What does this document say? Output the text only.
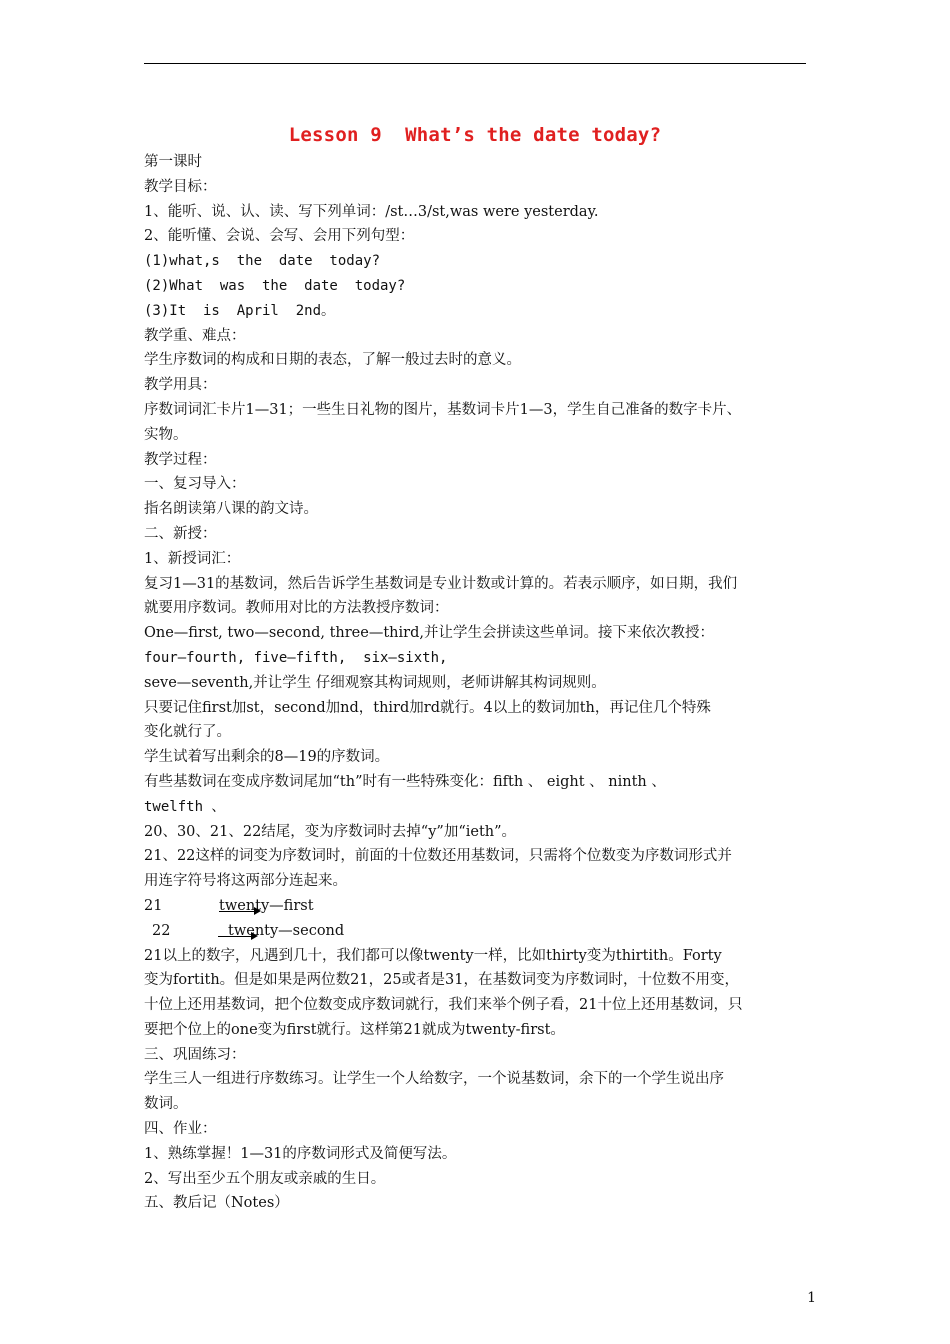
Lesson 9  What’s the date today?
第一课时
教学目标：
1、能听、说、认、读、写下列单词：/st…3/st,was were yesterday.
2、能听懂、会说、会写、会用下列句型：
(1)what,s  the  date  today?
(2)What  was  the  date  today?
(3)It  is  April  2nd。
教学重、难点：
学生序数词的构成和日期的表态，了解一般过去时的意义。
教学用具：
序数词词汇卡片1—31；一些生日礼物的图片，基数词卡片1—3，学生自己准备的数字卡片、
实物。
教学过程：
一、复习导入：
指名朗读第八课的韵文诗。
二、新授：
1、新授词汇：
复习1—31的基数词，然后告诉学生基数词是专业计数或计算的。若表示顺序，如日期，我们
就要用序数词。教师用对比的方法教授序数词：
One—first, two—second, three—third,并让学生会拼读这些单词。接下来依次教授：
four—fourth, five—fifth,  six—sixth,
seve—seventh,并让学生 仔细观察其构词规则，老师讲解其构词规则。
只要记住first加st，second加nd，third加rd就行。4以上的数词加th，再记住几个特殊
变化就行了。
学生试着写出剩余的8—19的序数词。
有些基数词在变成序数词尾加“th”时有一些特殊变化：fifth 、 eight 、 ninth 、
twelfth 、
20、30、21、22结尾，变为序数词时去掉“y”加“ieth”。
21、22这样的词变为序数词时，前面的十位数还用基数词，只需将个位数变为序数词形式并
用连字符号将这两部分连起来。
21	twenty—first
22	twenty—second
21以上的数字，凡遇到几十，我们都可以像twenty一样，比如thirty变为thirtith。Forty
变为fortith。但是如果是两位数21，25或者是31，在基数词变为序数词时，十位数不用变，
十位上还用基数词，把个位数变成序数词就行，我们来举个例子看，21十位上还用基数词，只
要把个位上的one变为first就行。这样第21就成为twenty-first。
三、巩固练习：
学生三人一组进行序数练习。让学生一个人给数字，一个说基数词，余下的一个学生说出序
数词。
四、作业：
1、熟练掌握！1—31的序数词形式及简便写法。
2、写出至少五个朋友或亲戚的生日。
五、教后记（Notes）
1
